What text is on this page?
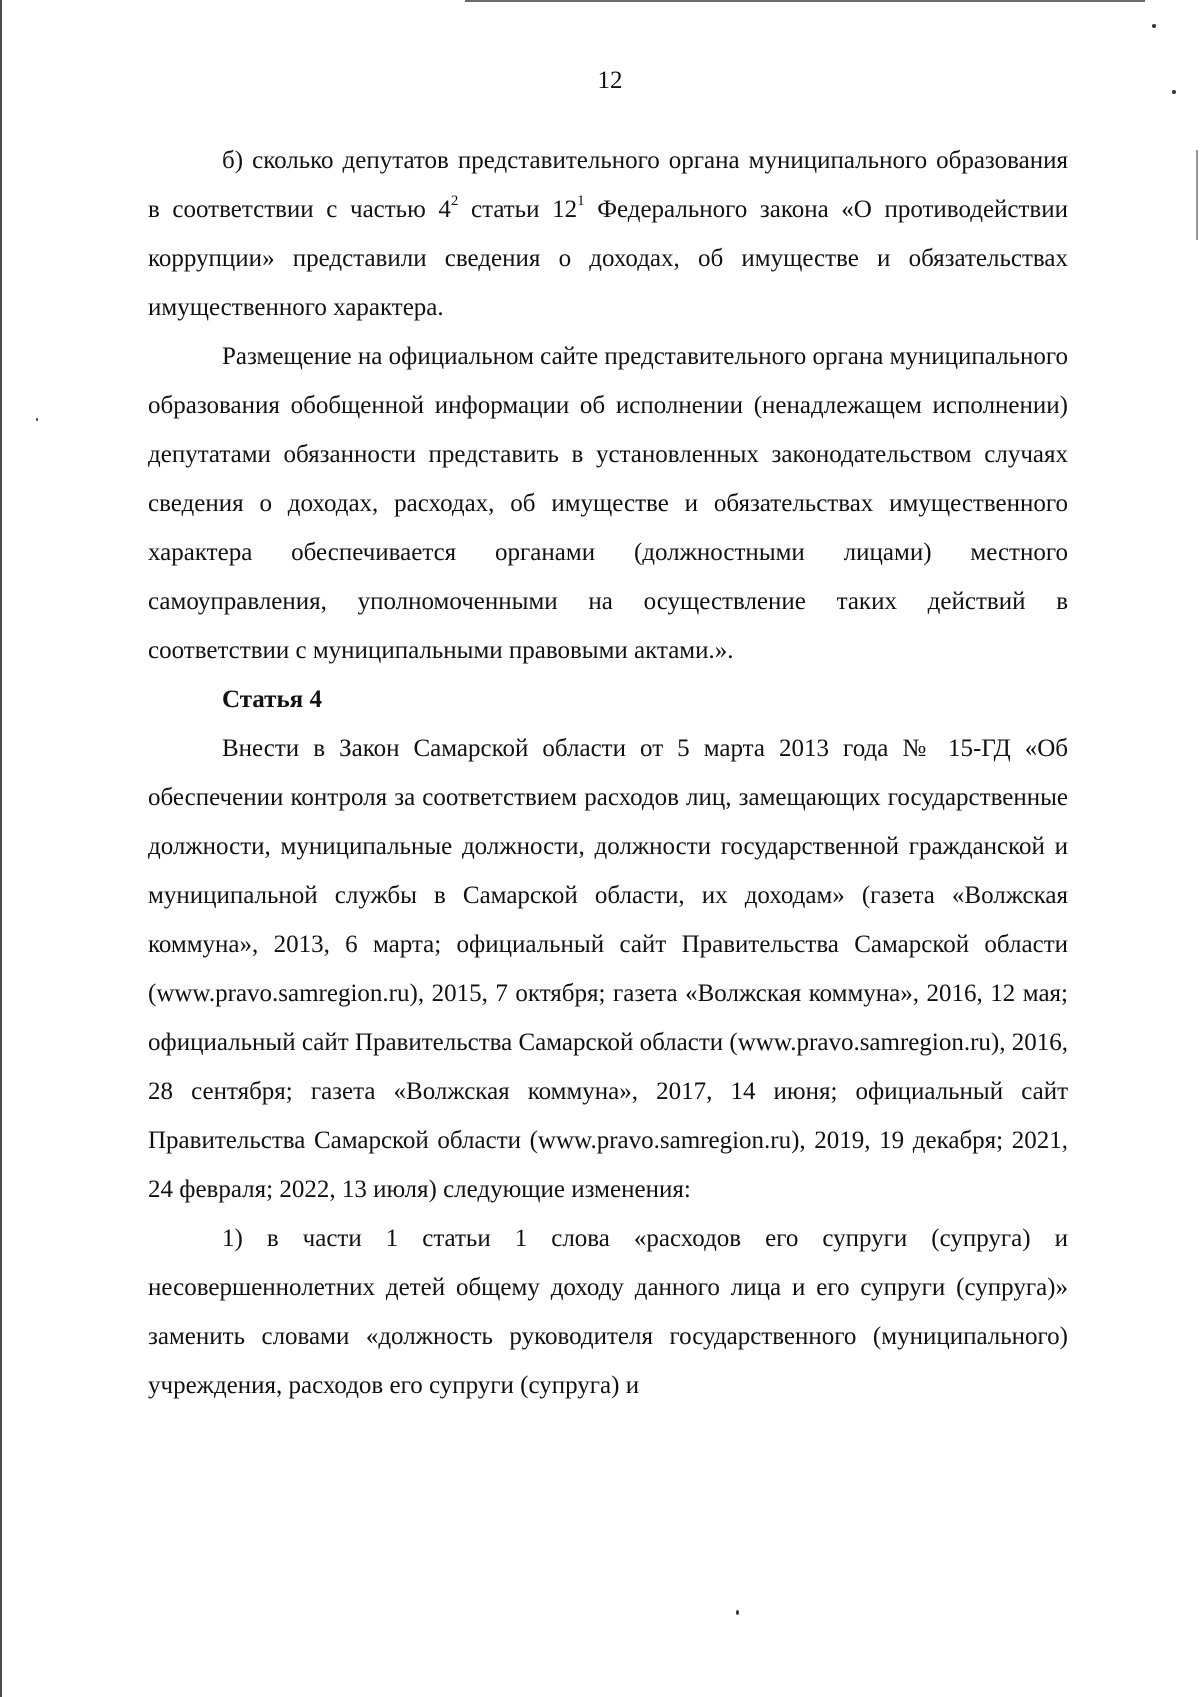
12

б) сколько депутатов представительного органа муниципального образования в соответствии с частью $4^2$ статьи $12^1$ Федерального закона «О противодействии коррупции» представили сведения о доходах, об имуществе и обязательствах имущественного характера.

Размещение на официальном сайте представительного органа муниципального образования обобщенной информации об исполнении (ненадлежащем исполнении) депутатами обязанности представить в установленных законодательством случаях сведения о доходах, расходах, об имуществе и обязательствах имущественного характера обеспечивается органами (должностными лицами) местного самоуправления, уполномоченными на осуществление таких действий в соответствии с муниципальными правовыми актами.».

Статья 4

Внести в Закон Самарской области от 5 марта 2013 года № 15-ГД «Об обеспечении контроля за соответствием расходов лиц, замещающих государственные должности, муниципальные должности, должности государственной гражданской и муниципальной службы в Самарской области, их доходам» (газета «Волжская коммуна», 2013, 6 марта; официальный сайт Правительства Самарской области (www.pravo.samregion.ru), 2015, 7 октября; газета «Волжская коммуна», 2016, 12 мая; официальный сайт Правительства Самарской области (www.pravo.samregion.ru), 2016, 28 сентября; газета «Волжская коммуна», 2017, 14 июня; официальный сайт Правительства Самарской области (www.pravo.samregion.ru), 2019, 19 декабря; 2021, 24 февраля; 2022, 13 июля) следующие изменения:

1) в части 1 статьи 1 слова «расходов его супруги (супруга) и несовершеннолетних детей общему доходу данного лица и его супруги (супруга)» заменить словами «должность руководителя государственного (муниципального) учреждения, расходов его супруги (супруга) и
